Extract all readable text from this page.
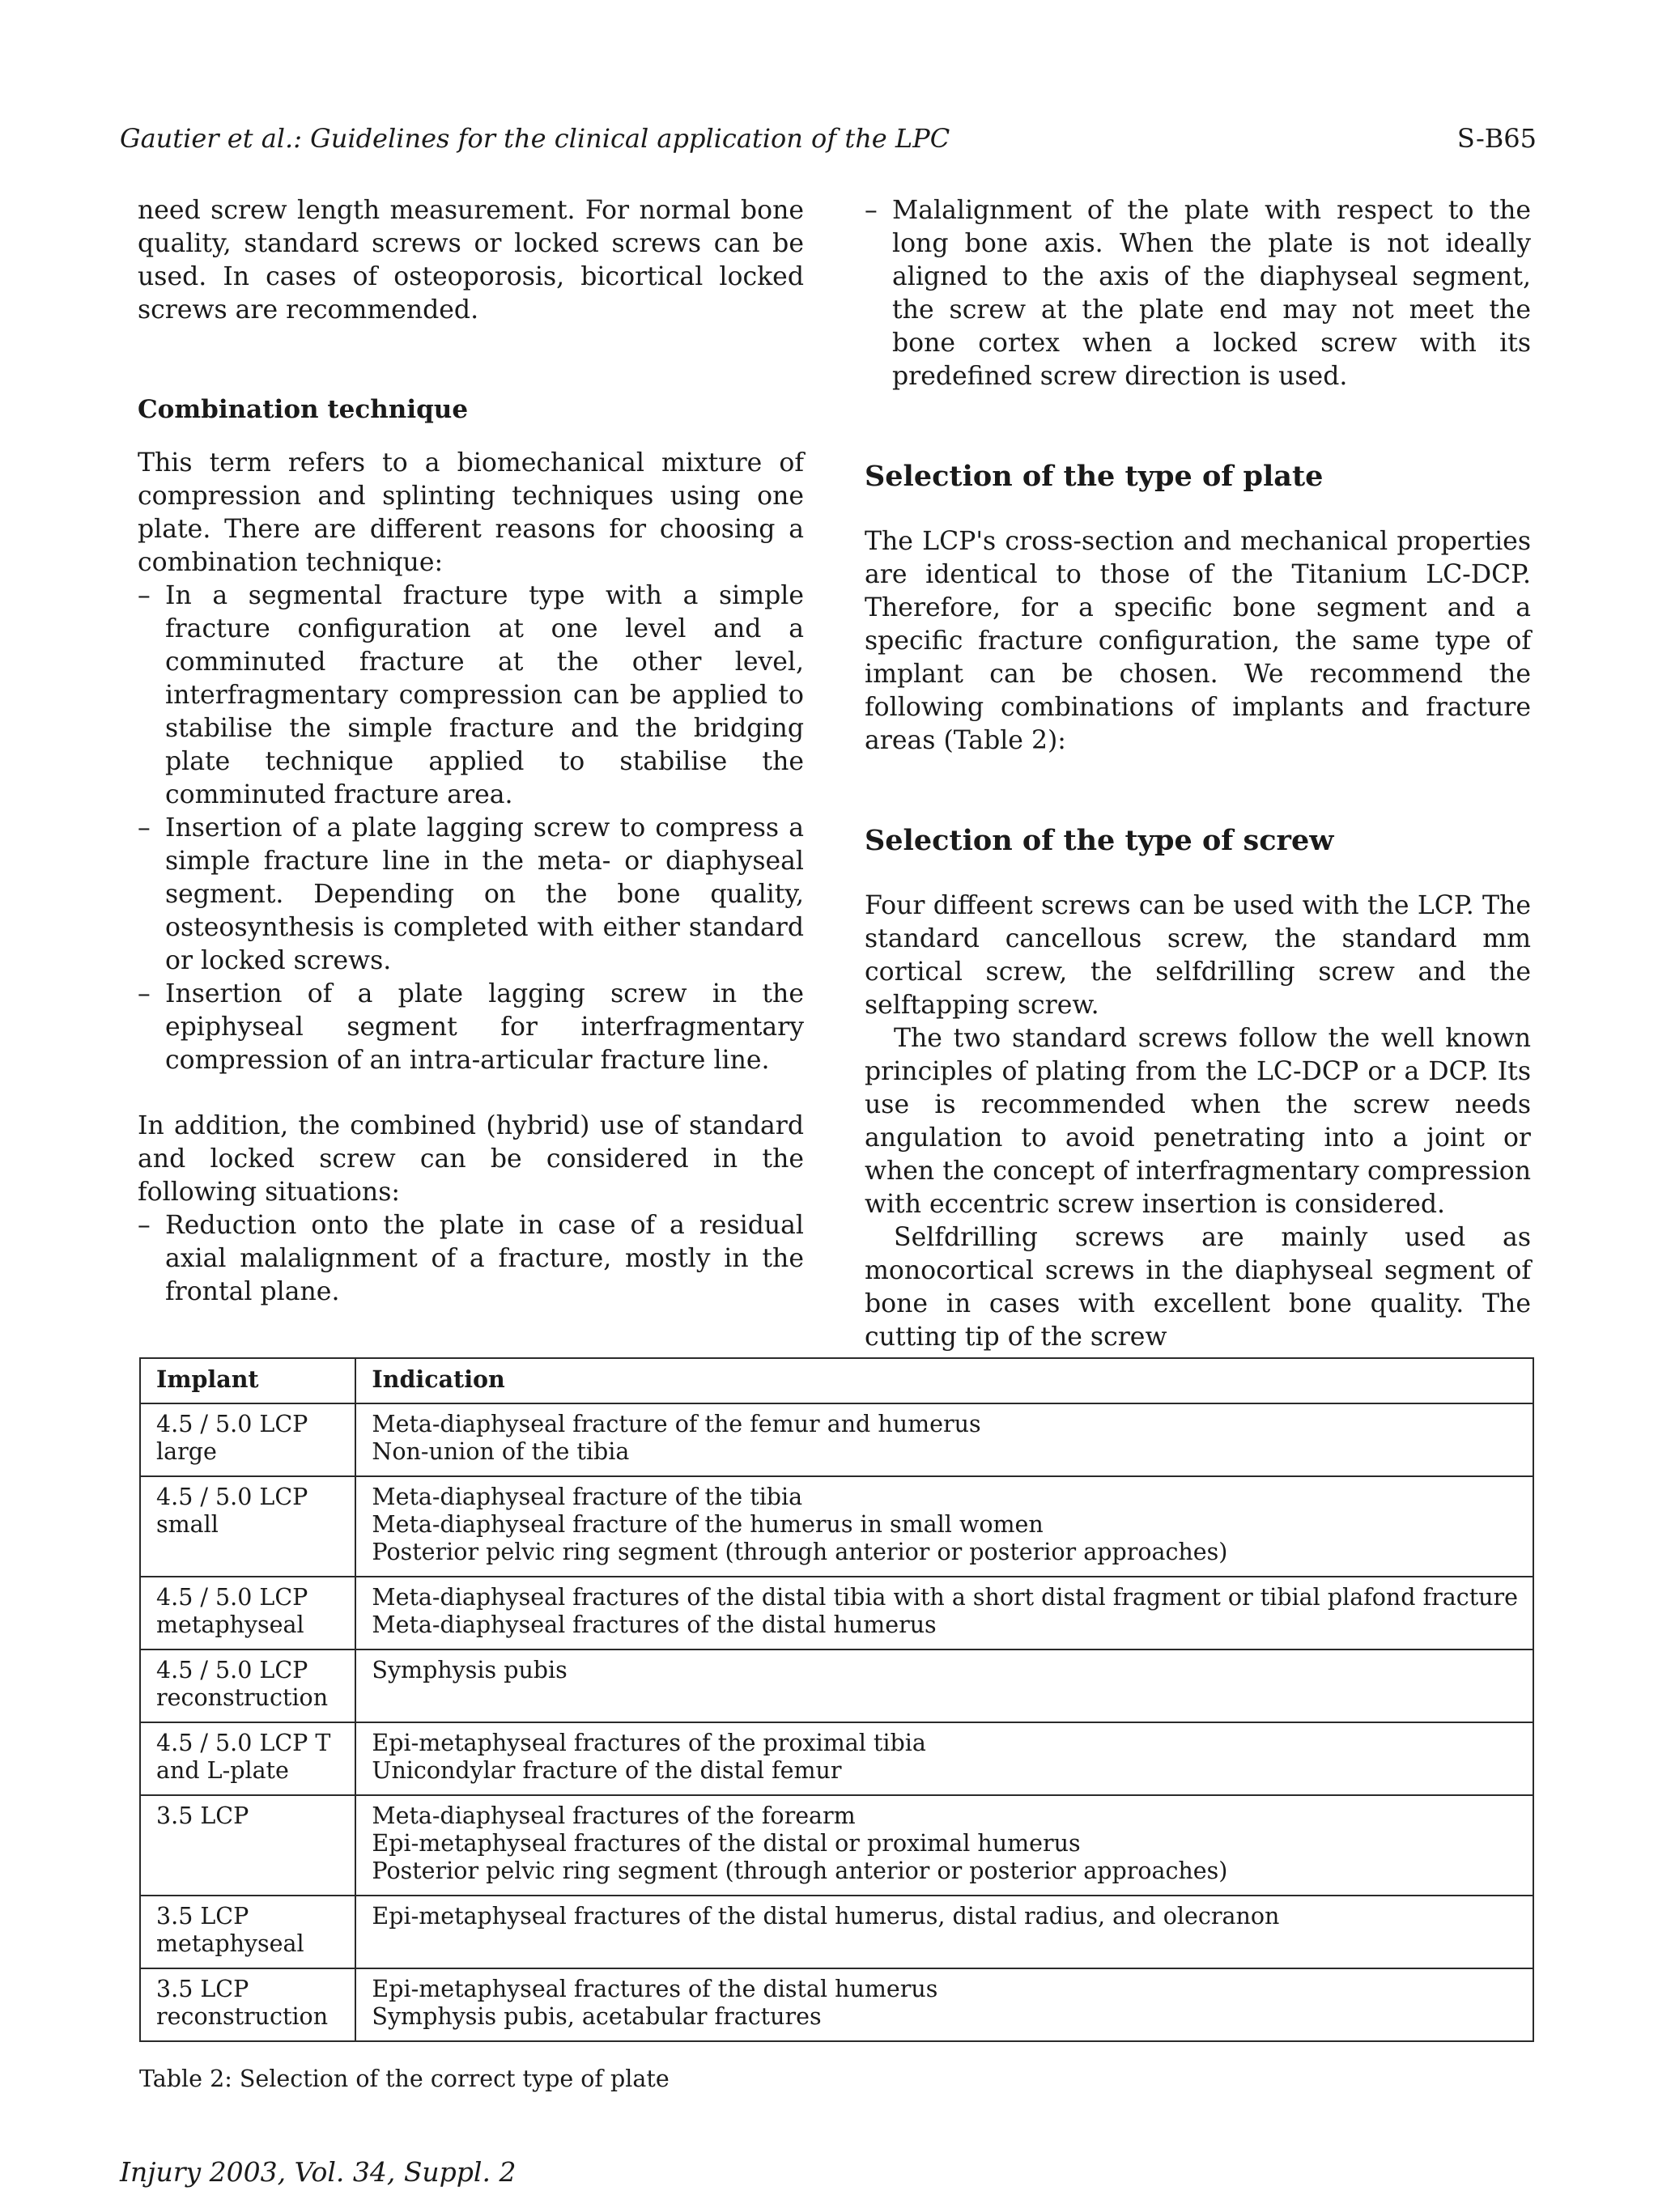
Gautier et al.: Guidelines for the clinical application of the LPC	S-B65

need screw length measurement. For normal bone quality, standard screws or locked screws can be used. In cases of osteoporosis, bicortical locked screws are recommended.

Combination technique

This term refers to a biomechanical mixture of compression and splinting techniques using one plate. There are different reasons for choosing a combination technique:

– In a segmental fracture type with a simple fracture configuration at one level and a comminuted fracture at the other level, interfragmentary compression can be applied to stabilise the simple fracture and the bridging plate technique applied to stabilise the comminuted fracture area.
– Insertion of a plate lagging screw to compress a simple fracture line in the meta- or diaphyseal segment. Depending on the bone quality, osteosynthesis is completed with either standard or locked screws.
– Insertion of a plate lagging screw in the epiphyseal segment for interfragmentary compression of an intra-articular fracture line.

In addition, the combined (hybrid) use of standard and locked screw can be considered in the following situations:

– Reduction onto the plate in case of a residual axial malalignment of a fracture, mostly in the frontal plane.
– Malalignment of the plate with respect to the long bone axis. When the plate is not ideally aligned to the axis of the diaphyseal segment, the screw at the plate end may not meet the bone cortex when a locked screw with its predefined screw direction is used.
Selection of the type of plate

The LCP's cross-section and mechanical properties are identical to those of the Titanium LC-DCP. Therefore, for a specific bone segment and a specific fracture configuration, the same type of implant can be chosen. We recommend the following combinations of implants and fracture areas (Table 2):

Selection of the type of screw

Four diffeent screws can be used with the LCP. The standard cancellous screw, the standard mm cortical screw, the selfdrilling screw and the selftapping screw.

The two standard screws follow the well known principles of plating from the LC-DCP or a DCP. Its use is recommended when the screw needs angulation to avoid penetrating into a joint or when the concept of interfragmentary compression with eccentric screw insertion is considered.

Selfdrilling screws are mainly used as monocortical screws in the diaphyseal segment of bone in cases with excellent bone quality. The cutting tip of the screw

Implant	Indication

4.5 / 5.0 LCP
large	Meta-diaphyseal fracture of the femur and humerus
Non-union of the tibia

4.5 / 5.0 LCP
small	Meta-diaphyseal fracture of the tibia
Meta-diaphyseal fracture of the humerus in small women
Posterior pelvic ring segment (through anterior or posterior approaches)

4.5 / 5.0 LCP
metaphyseal	Meta-diaphyseal fractures of the distal tibia with a short distal fragment or tibial plafond fracture
Meta-diaphyseal fractures of the distal humerus

4.5 / 5.0 LCP
reconstruction	Symphysis pubis

4.5 / 5.0 LCP T
and L-plate	Epi-metaphyseal fractures of the proximal tibia
Unicondylar fracture of the distal femur

3.5 LCP	Meta-diaphyseal fractures of the forearm
Epi-metaphyseal fractures of the distal or proximal humerus
Posterior pelvic ring segment (through anterior or posterior approaches)

3.5 LCP
metaphyseal	Epi-metaphyseal fractures of the distal humerus, distal radius, and olecranon

3.5 LCP
reconstruction	Epi-metaphyseal fractures of the distal humerus
Symphysis pubis, acetabular fractures
Table 2: Selection of the correct type of plate
Injury 2003, Vol. 34, Suppl. 2
